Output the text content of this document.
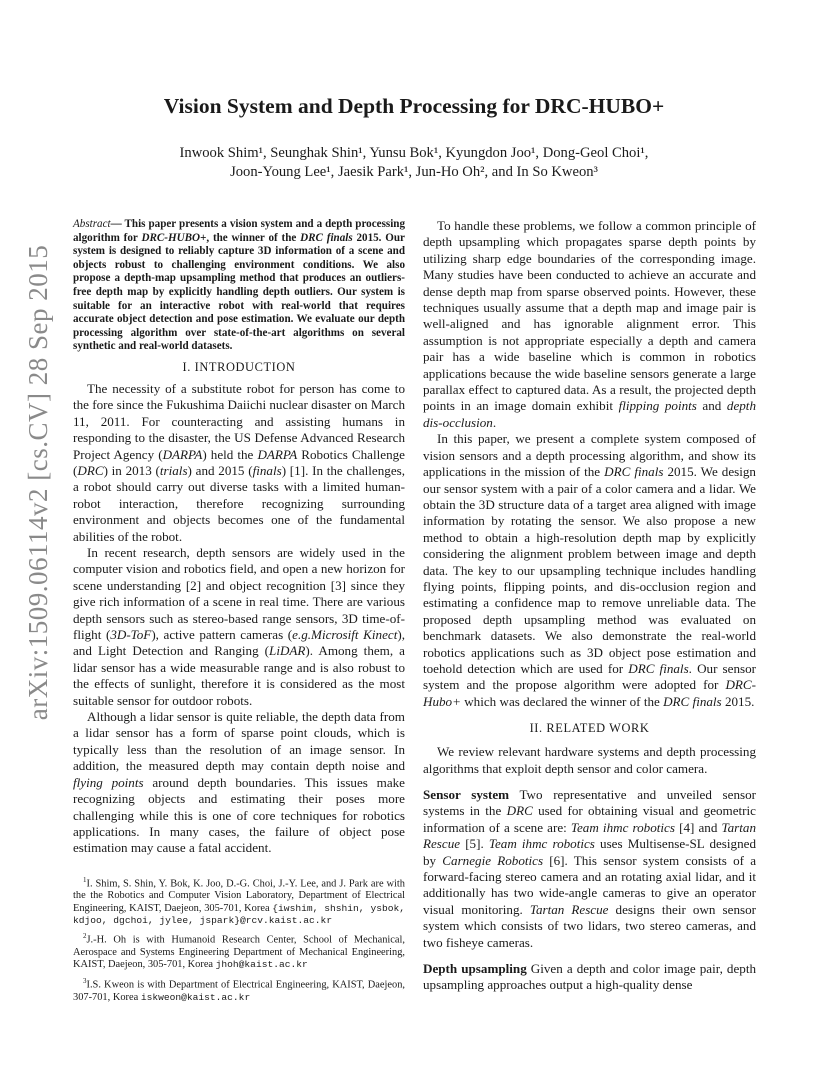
arXiv:1509.06114v2 [cs.CV] 28 Sep 2015
Vision System and Depth Processing for DRC-HUBO+
Inwook Shim¹, Seunghak Shin¹, Yunsu Bok¹, Kyungdon Joo¹, Dong-Geol Choi¹,
Joon-Young Lee¹, Jaesik Park¹, Jun-Ho Oh², and In So Kweon³

Abstract— This paper presents a vision system and a depth processing algorithm for DRC-HUBO+, the winner of the DRC finals 2015. Our system is designed to reliably capture 3D information of a scene and objects robust to challenging environment conditions. We also propose a depth-map upsampling method that produces an outliers-free depth map by explicitly handling depth outliers. Our system is suitable for an interactive robot with real-world that requires accurate object detection and pose estimation. We evaluate our depth processing algorithm over state-of-the-art algorithms on several synthetic and real-world datasets.

I. INTRODUCTION

The necessity of a substitute robot for person has come to the fore since the Fukushima Daiichi nuclear disaster on March 11, 2011. For counteracting and assisting humans in responding to the disaster, the US Defense Advanced Research Project Agency (DARPA) held the DARPA Robotics Challenge (DRC) in 2013 (trials) and 2015 (finals) [1]. In the challenges, a robot should carry out diverse tasks with a limited human-robot interaction, therefore recognizing surrounding environment and objects becomes one of the fundamental abilities of the robot.

In recent research, depth sensors are widely used in the computer vision and robotics field, and open a new horizon for scene understanding [2] and object recognition [3] since they give rich information of a scene in real time. There are various depth sensors such as stereo-based range sensors, 3D time-of-flight (3D-ToF), active pattern cameras (e.g.Microsift Kinect), and Light Detection and Ranging (LiDAR). Among them, a lidar sensor has a wide measurable range and is also robust to the effects of sunlight, therefore it is considered as the most suitable sensor for outdoor robots.

Although a lidar sensor is quite reliable, the depth data from a lidar sensor has a form of sparse point clouds, which is typically less than the resolution of an image sensor. In addition, the measured depth may contain depth noise and flying points around depth boundaries. This issues make recognizing objects and estimating their poses more challenging while this is one of core techniques for robotics applications. In many cases, the failure of object pose estimation may cause a fatal accident.

$^1$I. Shim, S. Shin, Y. Bok, K. Joo, D.-G. Choi, J.-Y. Lee, and J. Park are with the the Robotics and Computer Vision Laboratory, Department of Electrical Engineering, KAIST, Daejeon, 305-701, Korea {iwshim, shshin, ysbok, kdjoo, dgchoi, jylee, jspark}@rcv.kaist.ac.kr

$^2$J.-H. Oh is with Humanoid Research Center, School of Mechanical, Aerospace and Systems Engineering Department of Mechanical Engineering, KAIST, Daejeon, 305-701, Korea jhoh@kaist.ac.kr

$^3$I.S. Kweon is with Department of Electrical Engineering, KAIST, Daejeon, 307-701, Korea iskweon@kaist.ac.kr

To handle these problems, we follow a common principle of depth upsampling which propagates sparse depth points by utilizing sharp edge boundaries of the corresponding image. Many studies have been conducted to achieve an accurate and dense depth map from sparse observed points. However, these techniques usually assume that a depth map and image pair is well-aligned and has ignorable alignment error. This assumption is not appropriate especially a depth and camera pair has a wide baseline which is common in robotics applications because the wide baseline sensors generate a large parallax effect to captured data. As a result, the projected depth points in an image domain exhibit flipping points and depth dis-occlusion.

In this paper, we present a complete system composed of vision sensors and a depth processing algorithm, and show its applications in the mission of the DRC finals 2015. We design our sensor system with a pair of a color camera and a lidar. We obtain the 3D structure data of a target area aligned with image information by rotating the sensor. We also propose a new method to obtain a high-resolution depth map by explicitly considering the alignment problem between image and depth data. The key to our upsampling technique includes handling flying points, flipping points, and dis-occlusion region and estimating a confidence map to remove unreliable data. The proposed depth upsampling method was evaluated on benchmark datasets. We also demonstrate the real-world robotics applications such as 3D object pose estimation and toehold detection which are used for DRC finals. Our sensor system and the propose algorithm were adopted for DRC-Hubo+ which was declared the winner of the DRC finals 2015.

II. RELATED WORK

We review relevant hardware systems and depth processing algorithms that exploit depth sensor and color camera.

Sensor system Two representative and unveiled sensor systems in the DRC used for obtaining visual and geometric information of a scene are: Team ihmc robotics [4] and Tartan Rescue [5]. Team ihmc robotics uses Multisense-SL designed by Carnegie Robotics [6]. This sensor system consists of a forward-facing stereo camera and an rotating axial lidar, and it additionally has two wide-angle cameras to give an operator visual monitoring. Tartan Rescue designs their own sensor system which consists of two lidars, two stereo cameras, and two fisheye cameras.

Depth upsampling Given a depth and color image pair, depth upsampling approaches output a high-quality dense
